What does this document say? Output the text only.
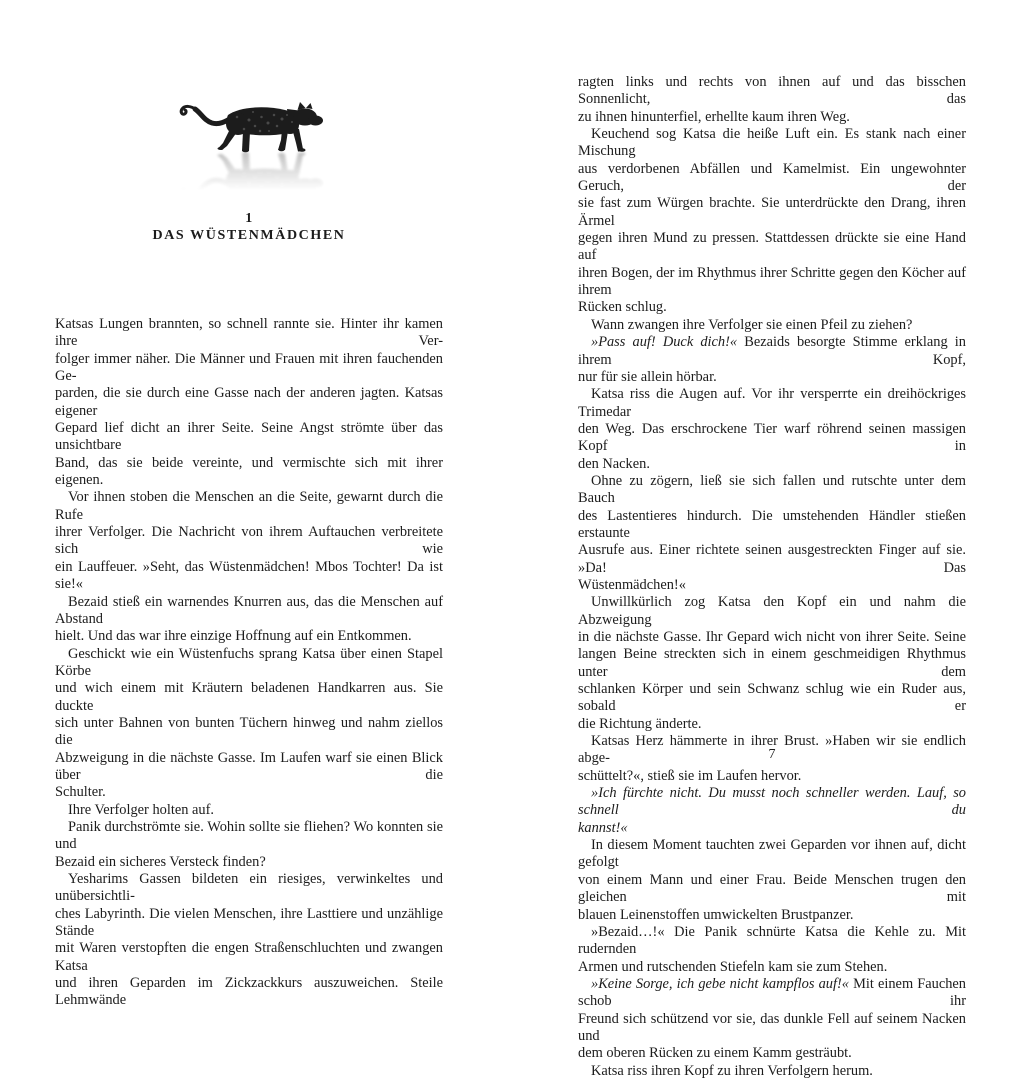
1
DAS WÜSTENMÄDCHEN
Katsas Lungen brannten, so schnell rannte sie. Hinter ihr kamen ihre Ver-
folger immer näher. Die Männer und Frauen mit ihren fauchenden Ge-
parden, die sie durch eine Gasse nach der anderen jagten. Katsas eigener
Gepard lief dicht an ihrer Seite. Seine Angst strömte über das unsichtbare
Band, das sie beide vereinte, und vermischte sich mit ihrer eigenen.
Vor ihnen stoben die Menschen an die Seite, gewarnt durch die Rufe
ihrer Verfolger. Die Nachricht von ihrem Auftauchen verbreitete sich wie
ein Lauffeuer. »Seht, das Wüstenmädchen! Mbos Tochter! Da ist sie!«
Bezaid stieß ein warnendes Knurren aus, das die Menschen auf Abstand
hielt. Und das war ihre einzige Hoffnung auf ein Entkommen.
Geschickt wie ein Wüstenfuchs sprang Katsa über einen Stapel Körbe
und wich einem mit Kräutern beladenen Handkarren aus. Sie duckte
sich unter Bahnen von bunten Tüchern hinweg und nahm ziellos die
Abzweigung in die nächste Gasse. Im Laufen warf sie einen Blick über die
Schulter.
Ihre Verfolger holten auf.
Panik durchströmte sie. Wohin sollte sie fliehen? Wo konnten sie und
Bezaid ein sicheres Versteck finden?
Yesharims Gassen bildeten ein riesiges, verwinkeltes und unübersichtli-
ches Labyrinth. Die vielen Menschen, ihre Lasttiere und unzählige Stände
mit Waren verstopften die engen Straßenschluchten und zwangen Katsa
und ihren Geparden im Zickzackkurs auszuweichen. Steile Lehmwände
ragten links und rechts von ihnen auf und das bisschen Sonnenlicht, das
zu ihnen hinunterfiel, erhellte kaum ihren Weg.
Keuchend sog Katsa die heiße Luft ein. Es stank nach einer Mischung
aus verdorbenen Abfällen und Kamelmist. Ein ungewohnter Geruch, der
sie fast zum Würgen brachte. Sie unterdrückte den Drang, ihren Ärmel
gegen ihren Mund zu pressen. Stattdessen drückte sie eine Hand auf
ihren Bogen, der im Rhythmus ihrer Schritte gegen den Köcher auf ihrem
Rücken schlug.
Wann zwangen ihre Verfolger sie einen Pfeil zu ziehen?
»Pass auf! Duck dich!« Bezaids besorgte Stimme erklang in ihrem Kopf,
nur für sie allein hörbar.
Katsa riss die Augen auf. Vor ihr versperrte ein dreihöckriges Trimedar
den Weg. Das erschrockene Tier warf röhrend seinen massigen Kopf in
den Nacken.
Ohne zu zögern, ließ sie sich fallen und rutschte unter dem Bauch
des Lastentieres hindurch. Die umstehenden Händler stießen erstaunte
Ausrufe aus. Einer richtete seinen ausgestreckten Finger auf sie. »Da! Das
Wüstenmädchen!«
Unwillkürlich zog Katsa den Kopf ein und nahm die Abzweigung
in die nächste Gasse. Ihr Gepard wich nicht von ihrer Seite. Seine
langen Beine streckten sich in einem geschmeidigen Rhythmus unter dem
schlanken Körper und sein Schwanz schlug wie ein Ruder aus, sobald er
die Richtung änderte.
Katsas Herz hämmerte in ihrer Brust. »Haben wir sie endlich abge-
schüttelt?«, stieß sie im Laufen hervor.
»Ich fürchte nicht. Du musst noch schneller werden. Lauf, so schnell du
kannst!«
In diesem Moment tauchten zwei Geparden vor ihnen auf, dicht gefolgt
von einem Mann und einer Frau. Beide Menschen trugen den gleichen mit
blauen Leinenstoffen umwickelten Brustpanzer.
»Bezaid…!« Die Panik schnürte Katsa die Kehle zu. Mit rudernden
Armen und rutschenden Stiefeln kam sie zum Stehen.
»Keine Sorge, ich gebe nicht kampflos auf!« Mit einem Fauchen schob ihr
Freund sich schützend vor sie, das dunkle Fell auf seinem Nacken und
dem oberen Rücken zu einem Kamm gesträubt.
Katsa riss ihren Kopf zu ihren Verfolgern herum.
7
